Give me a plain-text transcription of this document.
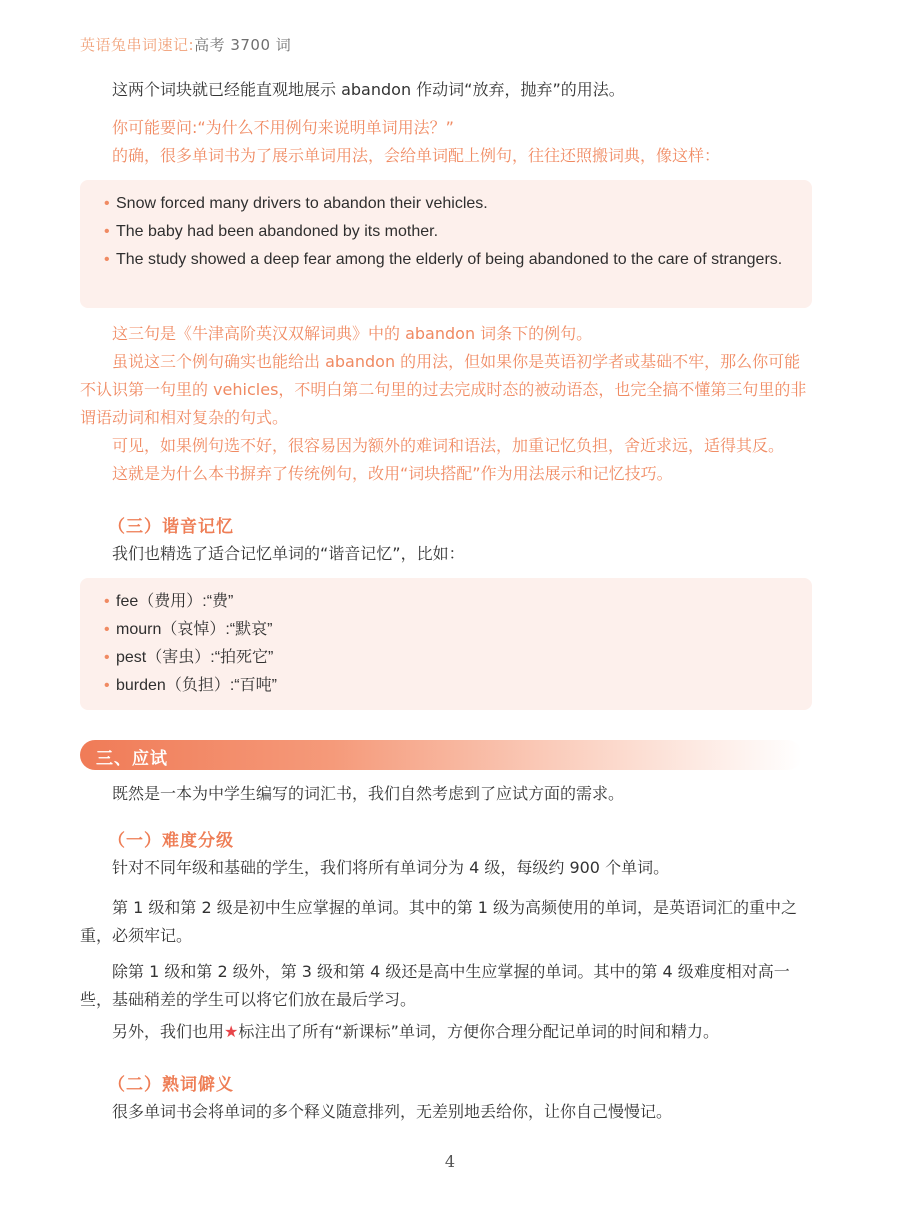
英语兔串词速记:高考 3700 词

这两个词块就已经能直观地展示 abandon 作动词“放弃，抛弃”的用法。

你可能要问:“为什么不用例句来说明单词用法？”

的确，很多单词书为了展示单词用法，会给单词配上例句，往往还照搬词典，像这样：

• Snow forced many drivers to abandon their vehicles.
• The baby had been abandoned by its mother.
• The study showed a deep fear among the elderly of being abandoned to the care of strangers.

这三句是《牛津高阶英汉双解词典》中的 abandon 词条下的例句。

虽说这三个例句确实也能给出 abandon 的用法，但如果你是英语初学者或基础不牢，那么你可能不认识第一句里的 vehicles，不明白第二句里的过去完成时态的被动语态，也完全搞不懂第三句里的非谓语动词和相对复杂的句式。

可见，如果例句选不好，很容易因为额外的难词和语法，加重记忆负担，舍近求远，适得其反。

这就是为什么本书摒弃了传统例句，改用“词块搭配”作为用法展示和记忆技巧。

（三）谐音记忆

我们也精选了适合记忆单词的“谐音记忆”，比如：

• fee（费用）:“费”
• mourn（哀悼）:“默哀”
• pest（害虫）:“拍死它”
• burden（负担）:“百吨”
三、应试

既然是一本为中学生编写的词汇书，我们自然考虑到了应试方面的需求。

（一）难度分级

针对不同年级和基础的学生，我们将所有单词分为 4 级，每级约 900 个单词。

第 1 级和第 2 级是初中生应掌握的单词。其中的第 1 级为高频使用的单词，是英语词汇的重中之重，必须牢记。

除第 1 级和第 2 级外，第 3 级和第 4 级还是高中生应掌握的单词。其中的第 4 级难度相对高一些，基础稍差的学生可以将它们放在最后学习。

另外，我们也用★标注出了所有“新课标”单词，方便你合理分配记单词的时间和精力。

（二）熟词僻义

很多单词书会将单词的多个释义随意排列，无差别地丢给你，让你自己慢慢记。

4
